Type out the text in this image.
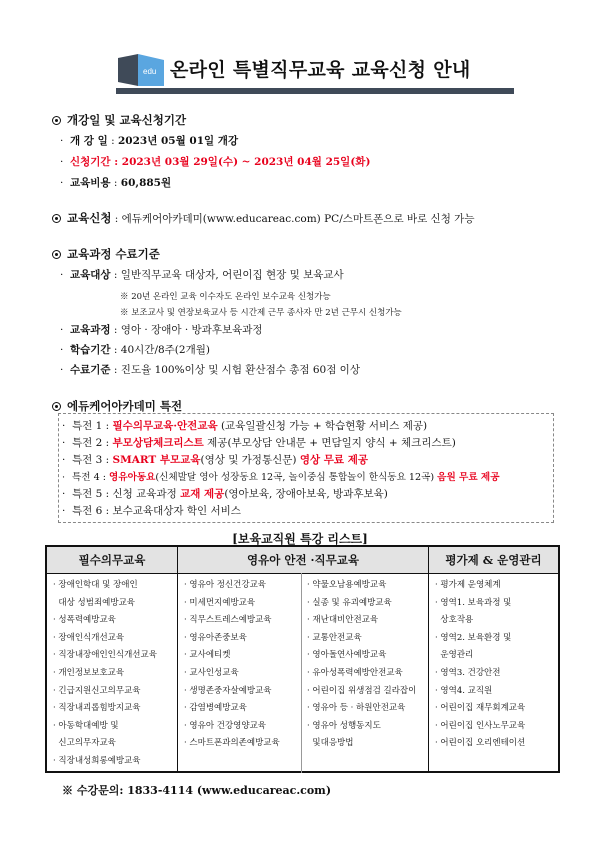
edu 온라인 특별직무교육 교육신청 안내
개강일 및 교육신청기간
· 개 강 일 : 2023년 05월 01일 개강
· 신청기간 : 2023년 03월 29일(수) ~ 2023년 04월 25일(화)
· 교육비용 : 60,885원
교육신청 : 에듀케어아카데미(www.educareac.com) PC/스마트폰으로 바로 신청 가능
교육과정 수료기준
· 교육대상 : 일반직무교육 대상자, 어린이집 현장 및 보육교사
※ 20년 온라인 교육 이수자도 온라인 보수교육 신청가능
※ 보조교사 및 연장보육교사 등 시간제 근무 종사자 만 2년 근무시 신청가능
· 교육과정 : 영아 · 장애아 · 방과후보육과정
· 학습기간 : 40시간/8주(2개월)
· 수료기준 : 진도율 100%이상 및 시험 환산점수 총점 60점 이상
에듀케어아카데미 특전
· 특전 1 : 필수의무교육·안전교육 (교육일괄신청 가능 + 학습현황 서비스 제공)
· 특전 2 : 부모상담체크리스트 제공(부모상담 안내문 + 면담일지 양식 + 체크리스트)
· 특전 3 : SMART 부모교육(영상 및 가정통신문) 영상 무료 제공
· 특전 4 : 영유아동요(신체발달 영아 성장동요 12곡, 놀이중심 통합놀이 한식동요 12곡) 음원 무료 제공
· 특전 5 : 신청 교육과정 교재 제공(영아보육, 장애아보육, 방과후보육)
· 특전 6 : 보수교육대상자 학인 서비스
[보육교직원 특강 리스트]
필수의무교육	영유아 안전 ·직무교육	평가제 & 운영관리
· 장애인학대 및 장애인
대상 성범죄예방교육
· 성폭력예방교육
· 장애인식개선교육
· 직장내장애인인식개선교육
· 개인정보보호교육
· 긴급지원신고의무교육
· 직장내괴롭힘방지교육
· 아동학대예방 및
신고의무자교육
· 직장내성희롱예방교육
· 영유아 정신건강교육
· 미세먼지예방교육
· 직무스트레스예방교육
· 영유아존중보육
· 교사에티켓
· 교사인성교육
· 생명존중자살예방교육
· 감염병예방교육
· 영유아 건강영양교육
· 스마트폰과의존예방교육
· 약물오남용예방교육
· 실종 및 유괴예방교육
· 재난대비안전교육
· 교통안전교육
· 영아돌연사예방교육
· 유아성폭력예방안전교육
· 어린이집 위생점검 길라잡이
· 영유아 등 · 하원안전교육
· 영유아 성행동지도
및대응방법
· 평가제 운영체계
· 영역1. 보육과정 및
상호작용
· 영역2. 보육환경 및
운영관리
· 영역3. 건강안전
· 영역4. 교직원
· 어린이집 재무회계교육
· 어린이집 인사노무교육
· 어린이집 오리엔테이션
※ 수강문의: 1833-4114 (www.educareac.com)
